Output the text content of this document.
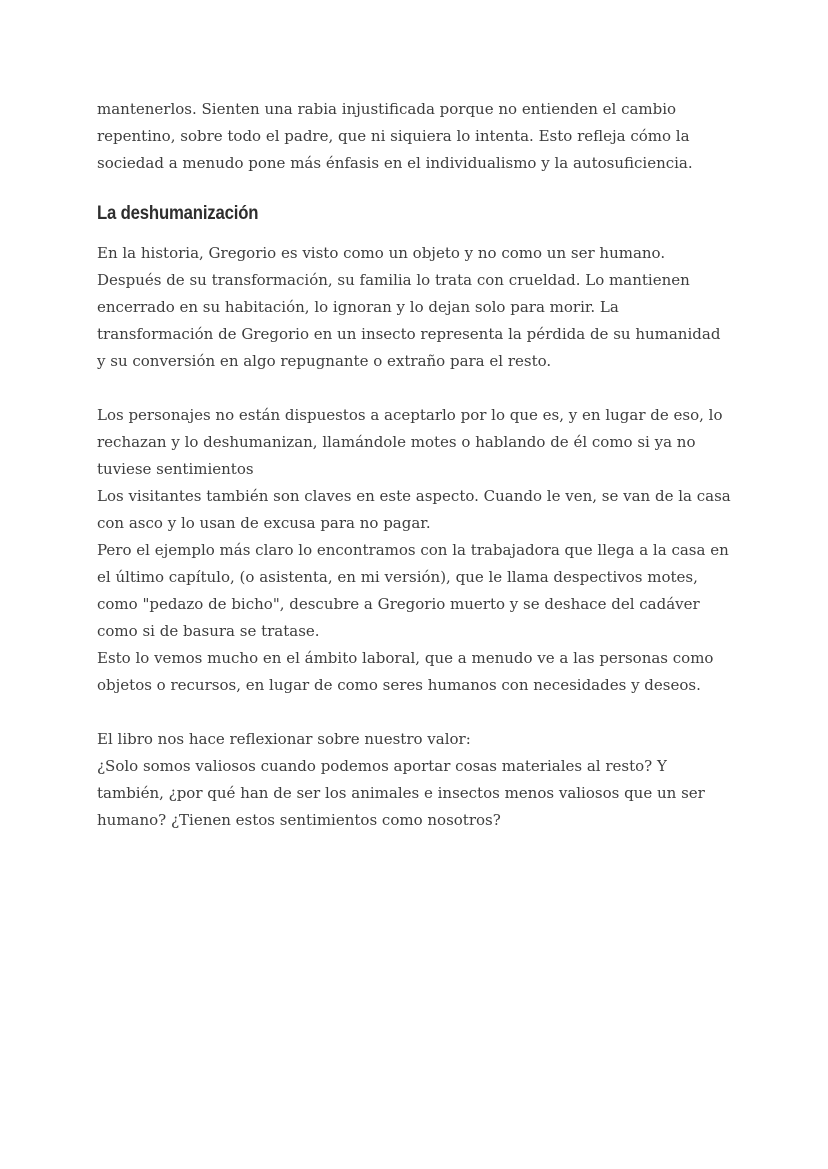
mantenerlos. Sienten una rabia injustificada porque no entienden el cambio repentino, sobre todo el padre, que ni siquiera lo intenta. Esto refleja cómo la sociedad a menudo pone más énfasis en el individualismo y la autosuficiencia.

La deshumanización

En la historia, Gregorio es visto como un objeto y no como un ser humano. Después de su transformación, su familia lo trata con crueldad. Lo mantienen encerrado en su habitación, lo ignoran y lo dejan solo para morir. La transformación de Gregorio en un insecto representa la pérdida de su humanidad y su conversión en algo repugnante o extraño para el resto.

Los personajes no están dispuestos a aceptarlo por lo que es, y en lugar de eso, lo rechazan y lo deshumanizan, llamándole motes o hablando de él como si ya no tuviese sentimientos
Los visitantes también son claves en este aspecto. Cuando le ven, se van de la casa con asco y lo usan de excusa para no pagar.
Pero el ejemplo más claro lo encontramos con la trabajadora que llega a la casa en el último capítulo, (o asistenta, en mi versión), que le llama despectivos motes, como "pedazo de bicho", descubre a Gregorio muerto y se deshace del cadáver como si de basura se tratase.
Esto lo vemos mucho en el ámbito laboral, que a menudo ve a las personas como objetos o recursos, en lugar de como seres humanos con necesidades y deseos.
El libro nos hace reflexionar sobre nuestro valor:
¿Solo somos valiosos cuando podemos aportar cosas materiales al resto? Y también, ¿por qué han de ser los animales e insectos menos valiosos que un ser humano? ¿Tienen estos sentimientos como nosotros?
